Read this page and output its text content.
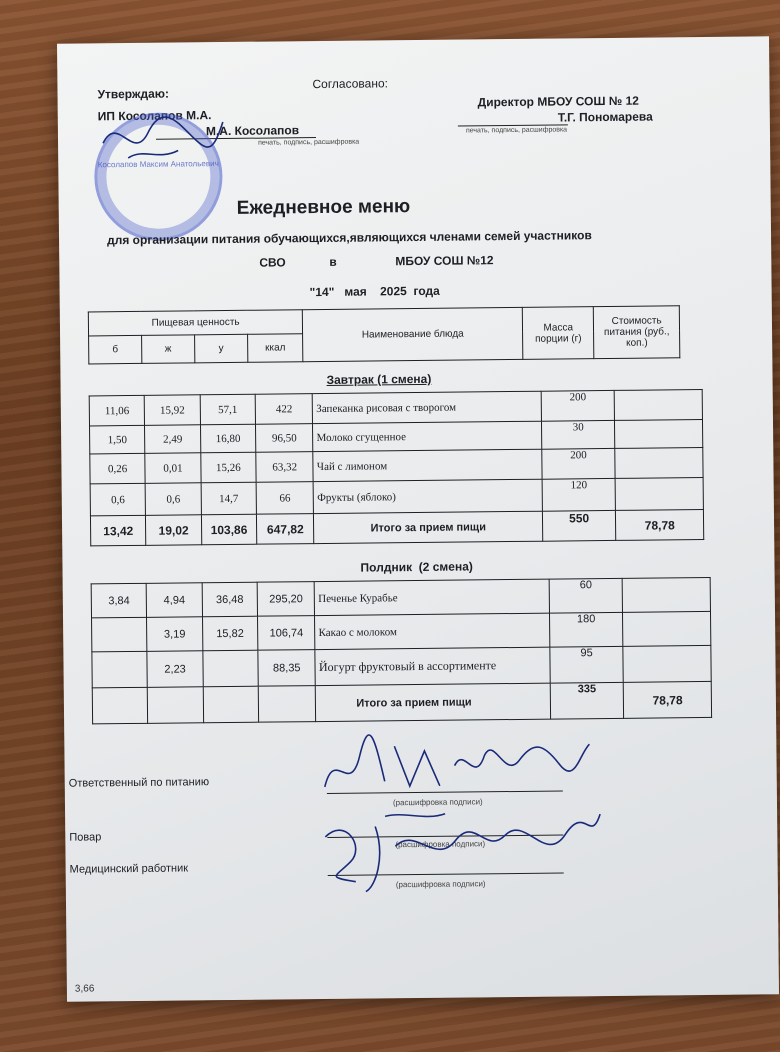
Утверждаю:
ИП Косолапов М.А.
М.А. Косолапов
печать, подпись, расшифровка
Согласовано:
Директор МБОУ СОШ № 12
Т.Г. Пономарева
печать, подпись, расшифровка
Косолапов Максим Анатольевич
Ежедневное меню
для организации питания обучающихся,являющихся членами семей участников
СВО	в	МБОУ СОШ №12
"14"   мая    2025  года
Пищевая ценность				Наименование блюда	Масса порции (г)	Стоимость питания (руб., коп.)
б	ж	у	ккал			
Завтрак (1 смена)
11,06	15,92	57,1	422	Запеканка рисовая с творогом	200	
1,50	2,49	16,80	96,50	Молоко сгущенное	30	
0,26	0,01	15,26	63,32	Чай с лимоном	200	
0,6	0,6	14,7	66	Фрукты (яблоко)	120	
13,42	19,02	103,86	647,82	Итого за прием пищи	550	78,78
Полдник  (2 смена)
3,84	4,94	36,48	295,20	Печенье Курабье	60	
	3,19	15,82	106,74	Какао с молоком	180	
	2,23		88,35	Йогурт фруктовый в ассортименте	95	
				Итого за прием пищи	335	78,78
Ответственный по питанию
(расшифровка подписи)
Повар
(расшифровка подписи)
Медицинский работник
(расшифровка подписи)
3,66
